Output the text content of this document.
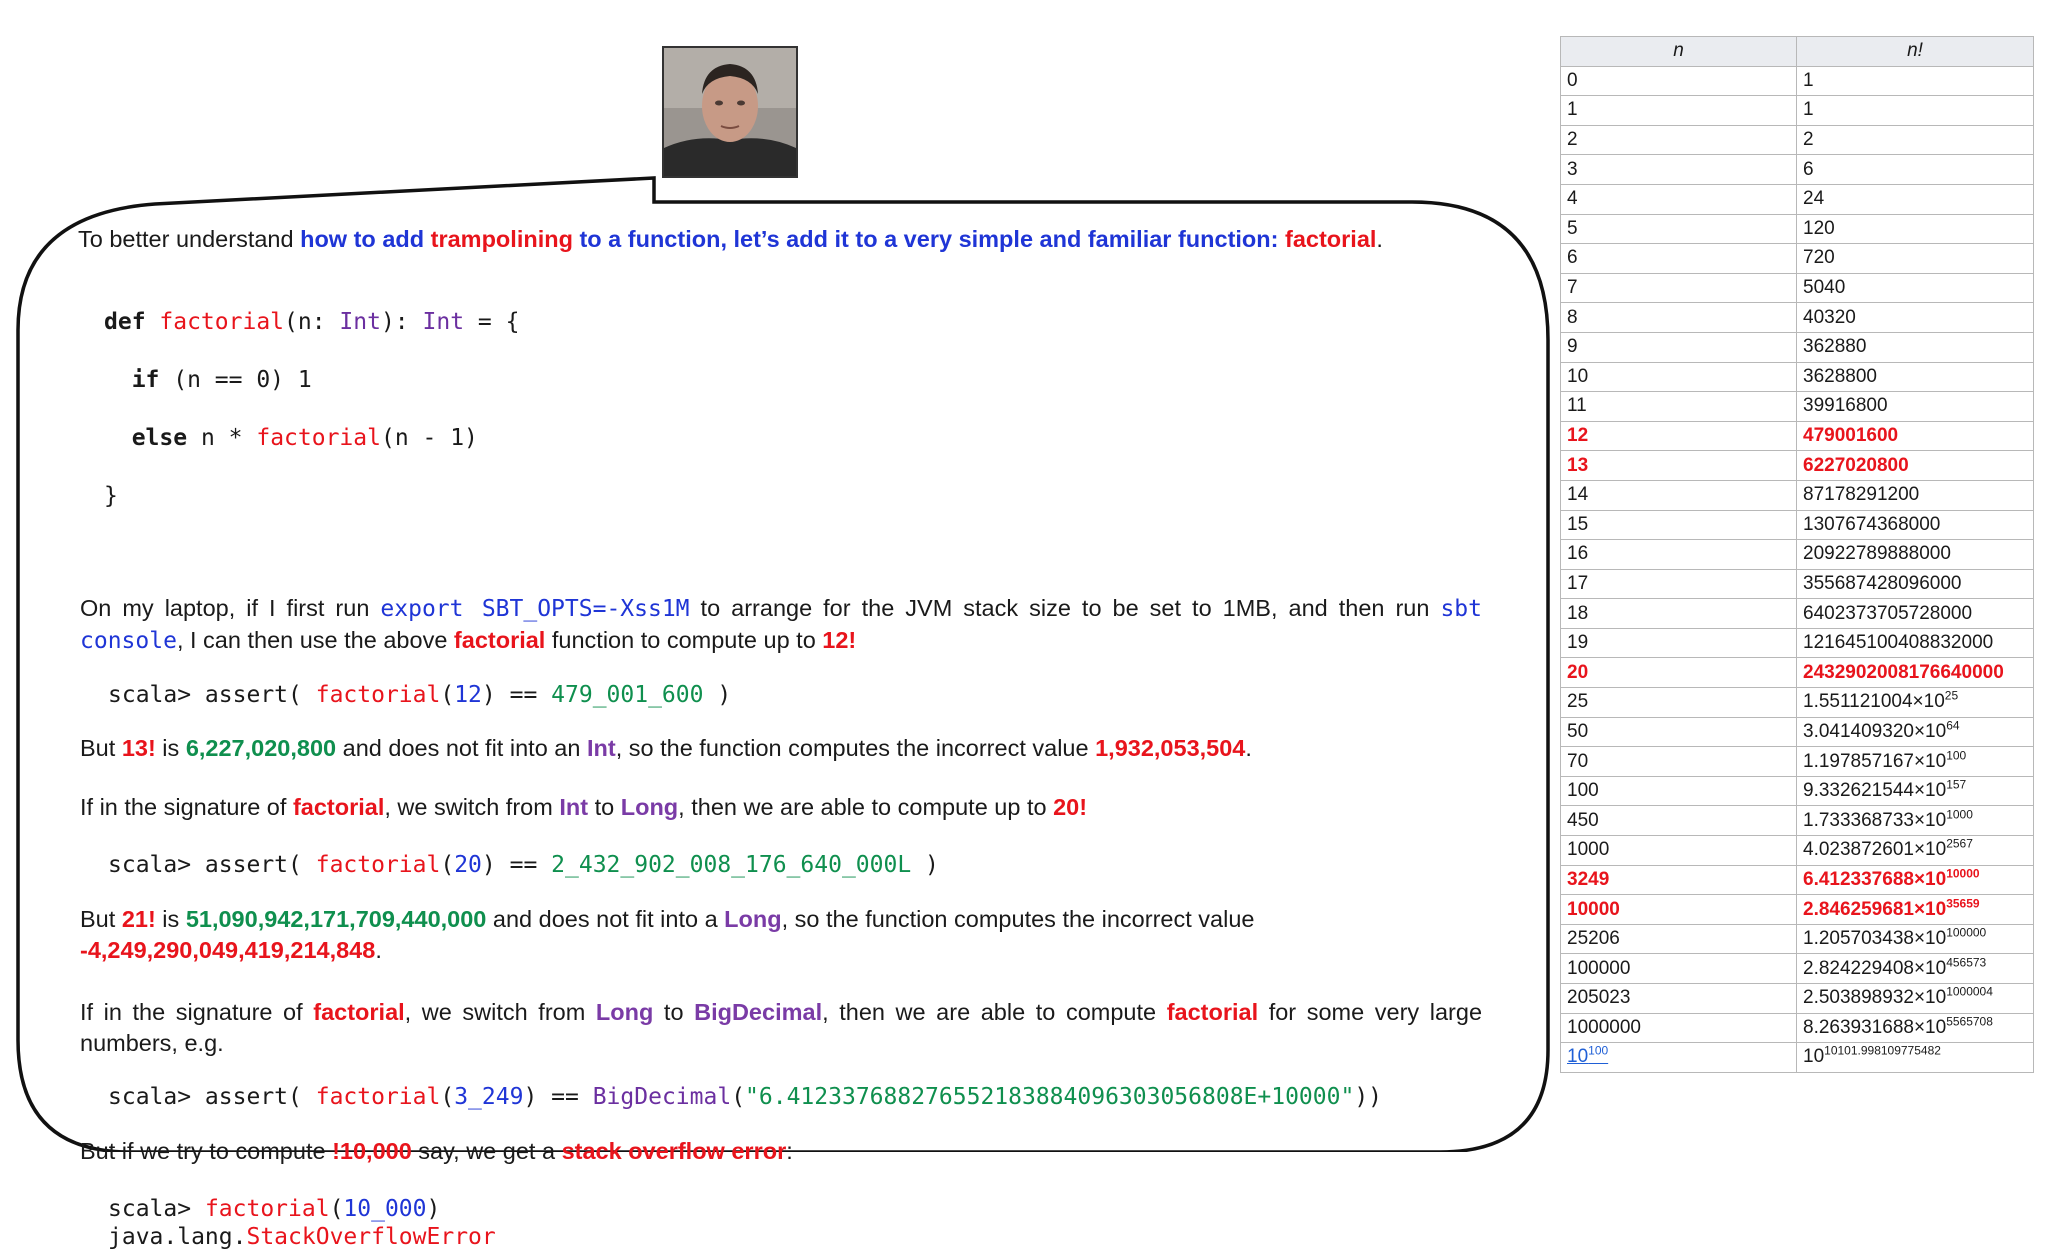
To better understand how to add trampolining to a function, let’s add it to a very simple and familiar function: factorial.

def factorial(n: Int): Int = {

if (n == 0) 1

else n * factorial(n - 1)

}

On my laptop, if I first run export SBT_OPTS=-Xss1M to arrange for the JVM stack size to be set to 1MB, and then run sbt console, I can then use the above factorial function to compute up to 12!

scala> assert( factorial(12) == 479_001_600 )

But 13! is 6,227,020,800 and does not fit into an Int, so the function computes the incorrect value 1,932,053,504.

If in the signature of factorial, we switch from Int to Long, then we are able to compute up to 20!

scala> assert( factorial(20) == 2_432_902_008_176_640_000L )

But 21! is 51,090,942,171,709,440,000 and does not fit into a Long, so the function computes the incorrect value
-4,249,290,049,419,214,848.

If in the signature of factorial, we switch from Long to BigDecimal, then we are able to compute factorial for some very large numbers, e.g.

scala> assert( factorial(3_249) == BigDecimal("6.412337688276552183884096303056808E+10000"))

But if we try to compute !10,000 say, we get a stack overflow error:

scala> factorial(10_000)
java.lang.StackOverflowError
n	n!
0	1
1	1
2	2
3	6
4	24
5	120
6	720
7	5040
8	40320
9	362880
10	3628800
11	39916800
12	479001600
13	6227020800
14	87178291200
15	1307674368000
16	20922789888000
17	355687428096000
18	6402373705728000
19	121645100408832000
20	2432902008176640000
25	$1.551121004\times 10^{25}$
50	$3.041409320\times 10^{64}$
70	$1.197857167\times 10^{100}$
100	$9.332621544\times 10^{157}$
450	$1.733368733\times 10^{1000}$
1000	$4.023872601\times 10^{2567}$
3249	$6.412337688\times 10^{10000}$
10000	$2.846259681\times 10^{35659}$
25206	$1.205703438\times 10^{100000}$
100000	$2.824229408\times 10^{456573}$
205023	$2.503898932\times 10^{1000004}$
1000000	$8.263931688\times 10^{5565708}$
$10^{100}$	$10^{10101.998109775482}$
